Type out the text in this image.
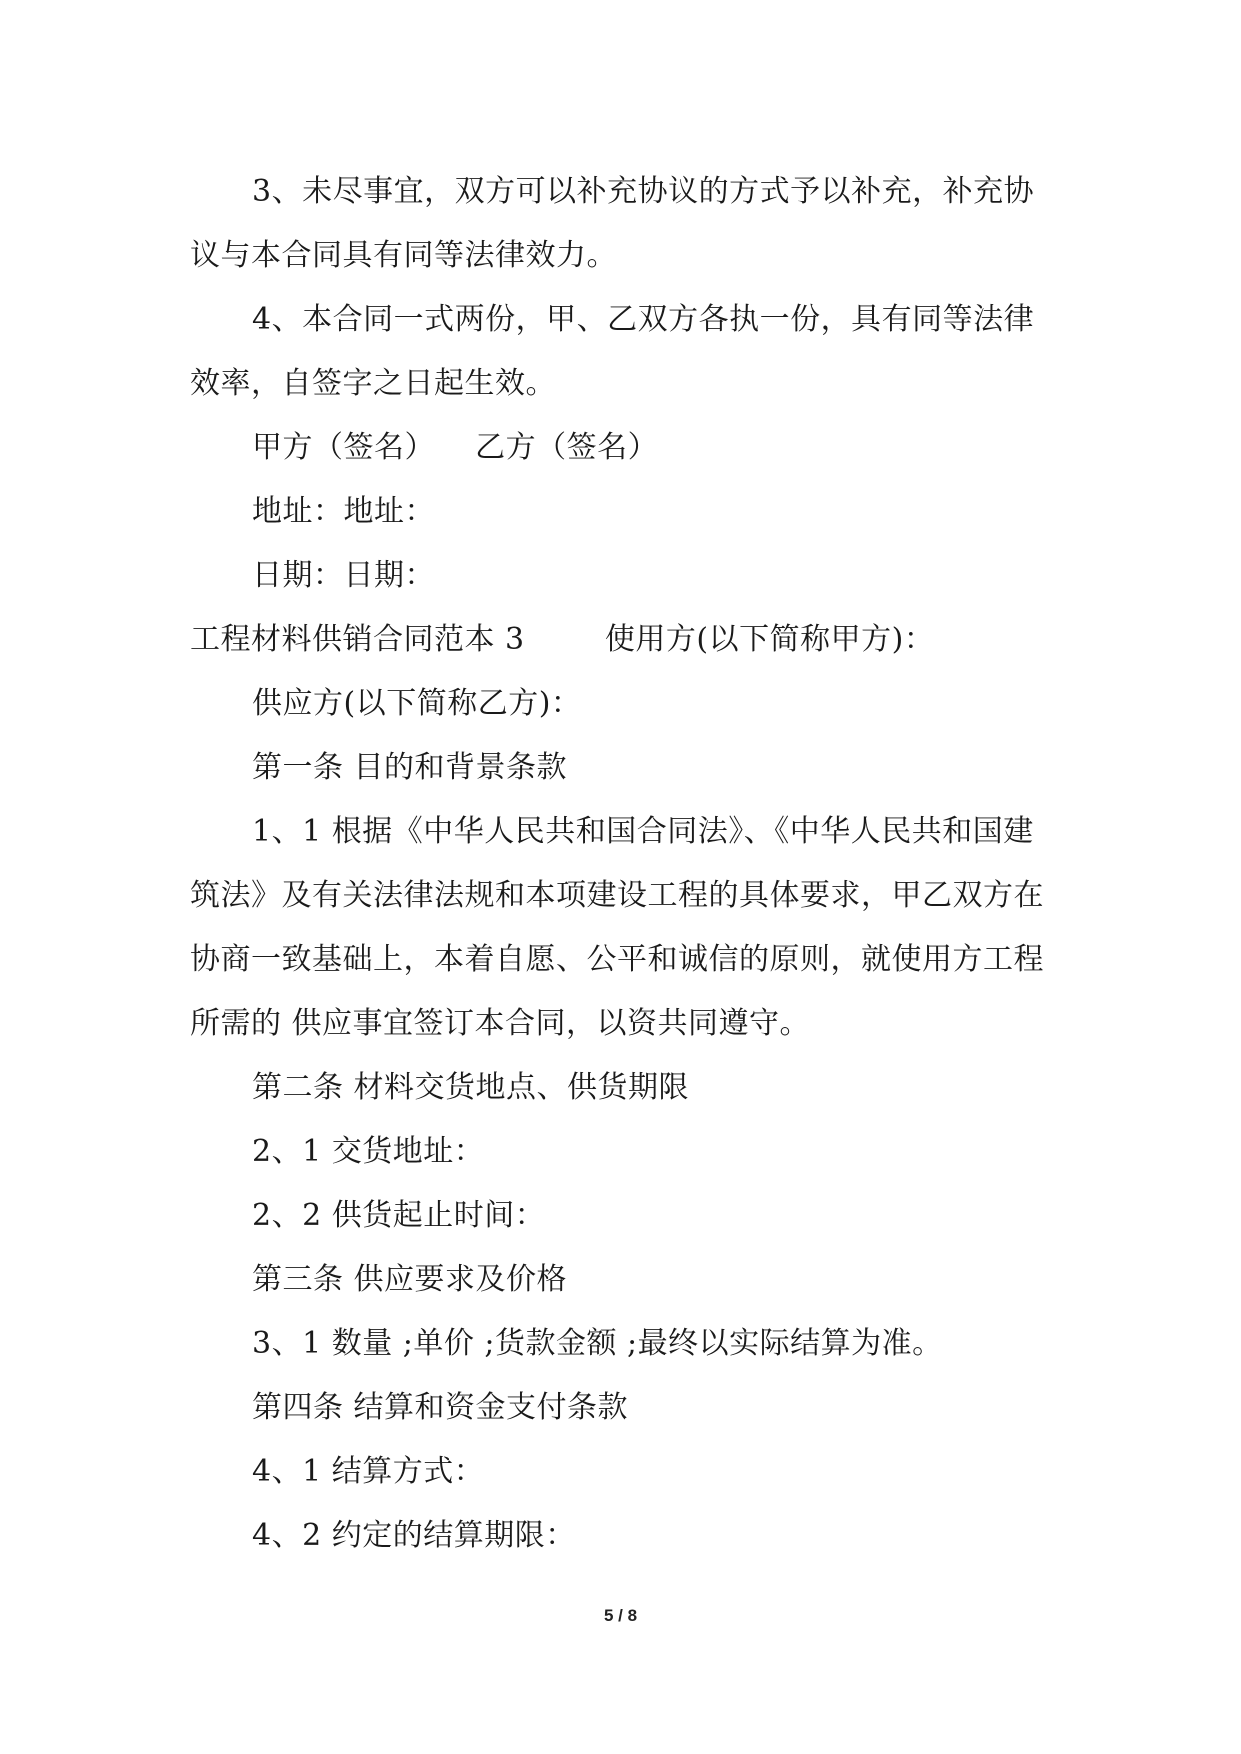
3、未尽事宜，双方可以补充协议的方式予以补充，补充协议与本合同具有同等法律效力。

4、本合同一式两份，甲、乙双方各执一份，具有同等法律效率，自签字之日起生效。

甲方（签名）    乙方（签名）

地址：地址：

日期：日期：

工程材料供销合同范本 3        使用方(以下简称甲方)：

供应方(以下简称乙方)：

第一条 目的和背景条款

1、1 根据《中华人民共和国合同法》、《中华人民共和国建筑法》及有关法律法规和本项建设工程的具体要求，甲乙双方在协商一致基础上，本着自愿、公平和诚信的原则，就使用方工程所需的 供应事宜签订本合同，以资共同遵守。

第二条 材料交货地点、供货期限

2、1 交货地址：

2、2 供货起止时间：

第三条 供应要求及价格

3、1 数量 ;单价 ;货款金额 ;最终以实际结算为准。

第四条 结算和资金支付条款

4、1 结算方式：

4、2 约定的结算期限：

5 / 8
